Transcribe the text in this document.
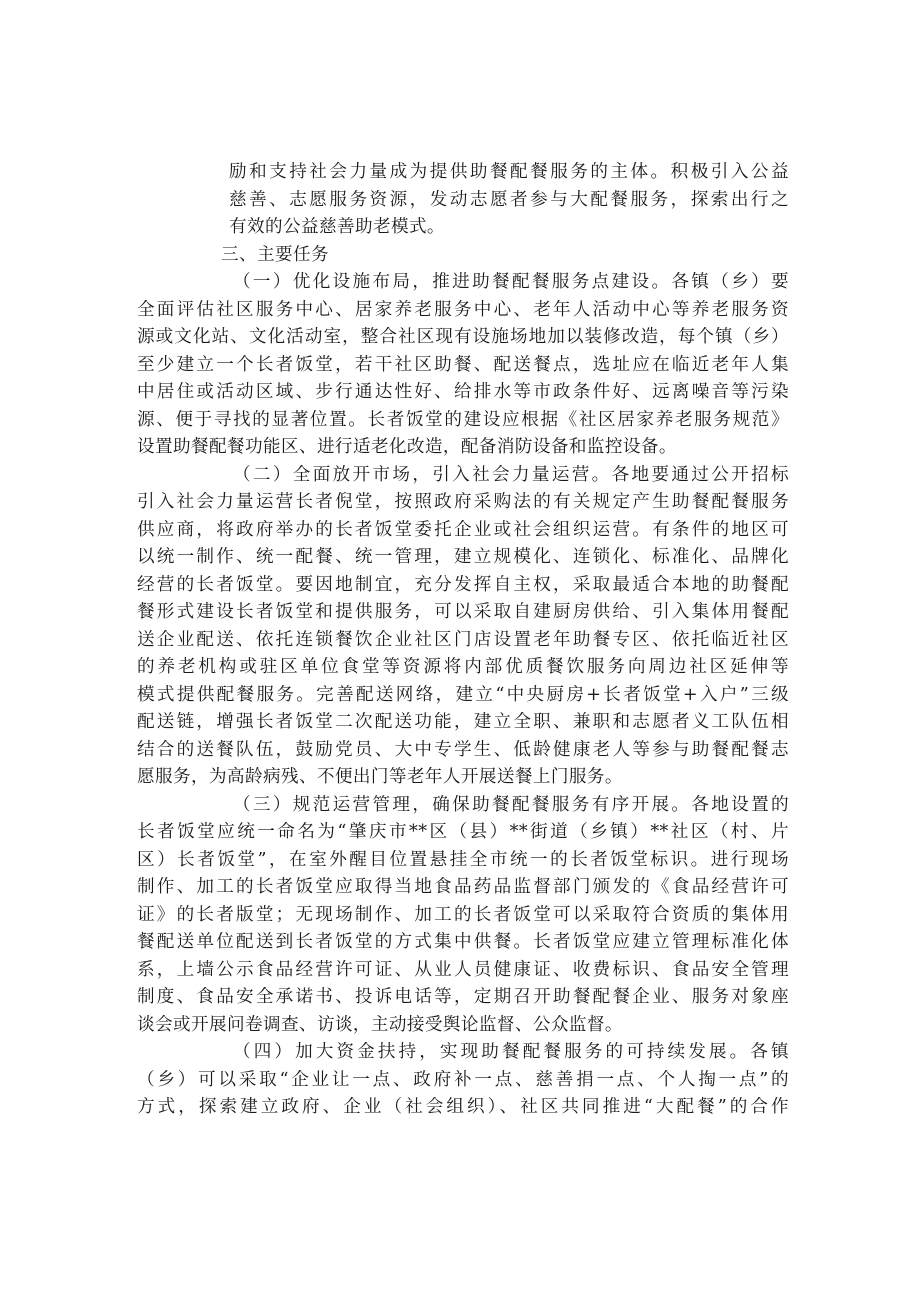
励和支持社会力量成为提供助餐配餐服务的主体。积极引入公益
慈善、志愿服务资源，发动志愿者参与大配餐服务，探索出行之
有效的公益慈善助老模式。
三、主要任务
（一）优化设施布局，推进助餐配餐服务点建设。各镇（乡）要
全面评估社区服务中心、居家养老服务中心、老年人活动中心等养老服务资
源或文化站、文化活动室，整合社区现有设施场地加以装修改造，每个镇（乡）
至少建立一个长者饭堂，若干社区助餐、配送餐点，选址应在临近老年人集
中居住或活动区域、步行通达性好、给排水等市政条件好、远离噪音等污染
源、便于寻找的显著位置。长者饭堂的建设应根据《社区居家养老服务规范》
设置助餐配餐功能区、进行适老化改造，配备消防设备和监控设备。
（二）全面放开市场，引入社会力量运营。各地要通过公开招标
引入社会力量运营长者倪堂，按照政府采购法的有关规定产生助餐配餐服务
供应商，将政府举办的长者饭堂委托企业或社会组织运营。有条件的地区可
以统一制作、统一配餐、统一管理，建立规模化、连锁化、标准化、品牌化
经营的长者饭堂。要因地制宜，充分发挥自主权，采取最适合本地的助餐配
餐形式建设长者饭堂和提供服务，可以采取自建厨房供给、引入集体用餐配
送企业配送、依托连锁餐饮企业社区门店设置老年助餐专区、依托临近社区
的养老机构或驻区单位食堂等资源将内部优质餐饮服务向周边社区延伸等
模式提供配餐服务。完善配送网络，建立“中央厨房+长者饭堂+入户”三级
配送链，增强长者饭堂二次配送功能，建立全职、兼职和志愿者义工队伍相
结合的送餐队伍，鼓励党员、大中专学生、低龄健康老人等参与助餐配餐志
愿服务，为高龄病残、不便出门等老年人开展送餐上门服务。
（三）规范运营管理，确保助餐配餐服务有序开展。各地设置的
长者饭堂应统一命名为“肇庆市**区（县）**街道（乡镇）**社区（村、片
区）长者饭堂”，在室外醒目位置悬挂全市统一的长者饭堂标识。进行现场
制作、加工的长者饭堂应取得当地食品药品监督部门颁发的《食品经营许可
证》的长者版堂；无现场制作、加工的长者饭堂可以采取符合资质的集体用
餐配送单位配送到长者饭堂的方式集中供餐。长者饭堂应建立管理标准化体
系，上墙公示食品经营许可证、从业人员健康证、收费标识、食品安全管理
制度、食品安全承诺书、投诉电话等，定期召开助餐配餐企业、服务对象座
谈会或开展问卷调查、访谈，主动接受舆论监督、公众监督。
（四）加大资金扶持，实现助餐配餐服务的可持续发展。各镇
（乡）可以采取“企业让一点、政府补一点、慈善捐一点、个人掏一点”的
方式，探索建立政府、企业（社会组织）、社区共同推进“大配餐”的合作
